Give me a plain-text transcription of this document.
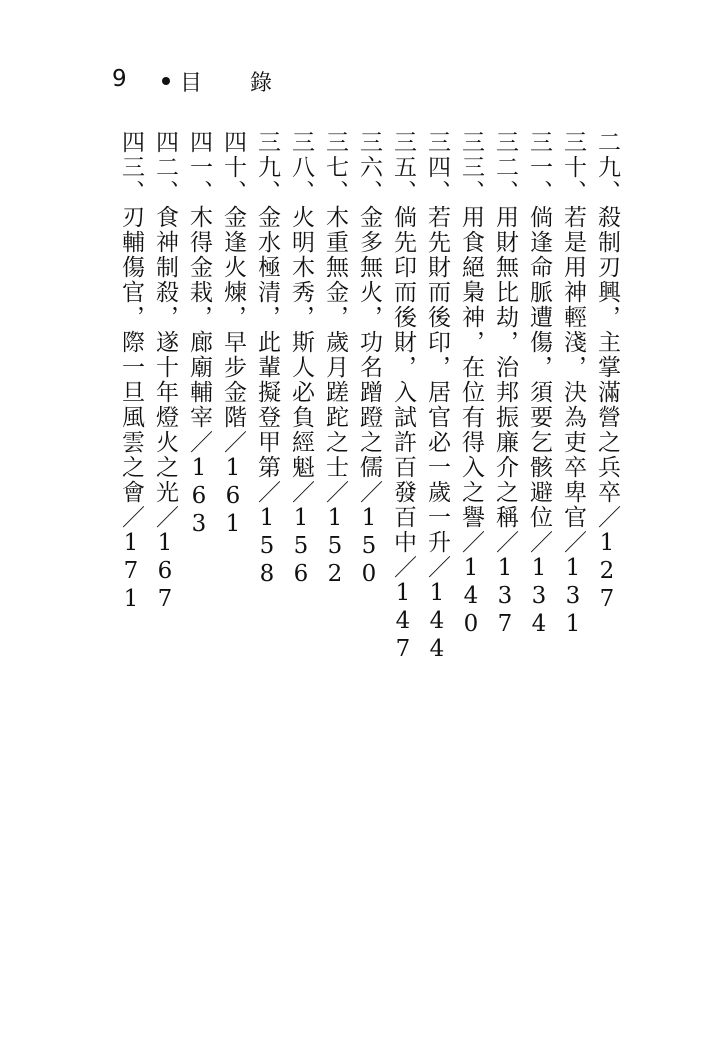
9 目 錄
二九、殺制刃興，主掌滿營之兵卒／127
三十、若是用神輕淺，決為吏卒卑官／131
三一、倘逢命脈遭傷，須要乞骸避位／134
三二、用財無比劫，治邦振廉介之稱／137
三三、用食絕梟神，在位有得入之譽／140
三四、若先財而後印，居官必一歲一升／144
三五、倘先印而後財，入試許百發百中／147
三六、金多無火，功名蹭蹬之儒／150
三七、木重無金，歲月蹉跎之士／152
三八、火明木秀，斯人必負經魁／156
三九、金水極清，此輩擬登甲第／158
四十、金逢火煉，早步金階／161
四一、木得金栽，廊廟輔宰／163
四二、食神制殺，遂十年燈火之光／167
四三、刃輔傷官，際一旦風雲之會／171
